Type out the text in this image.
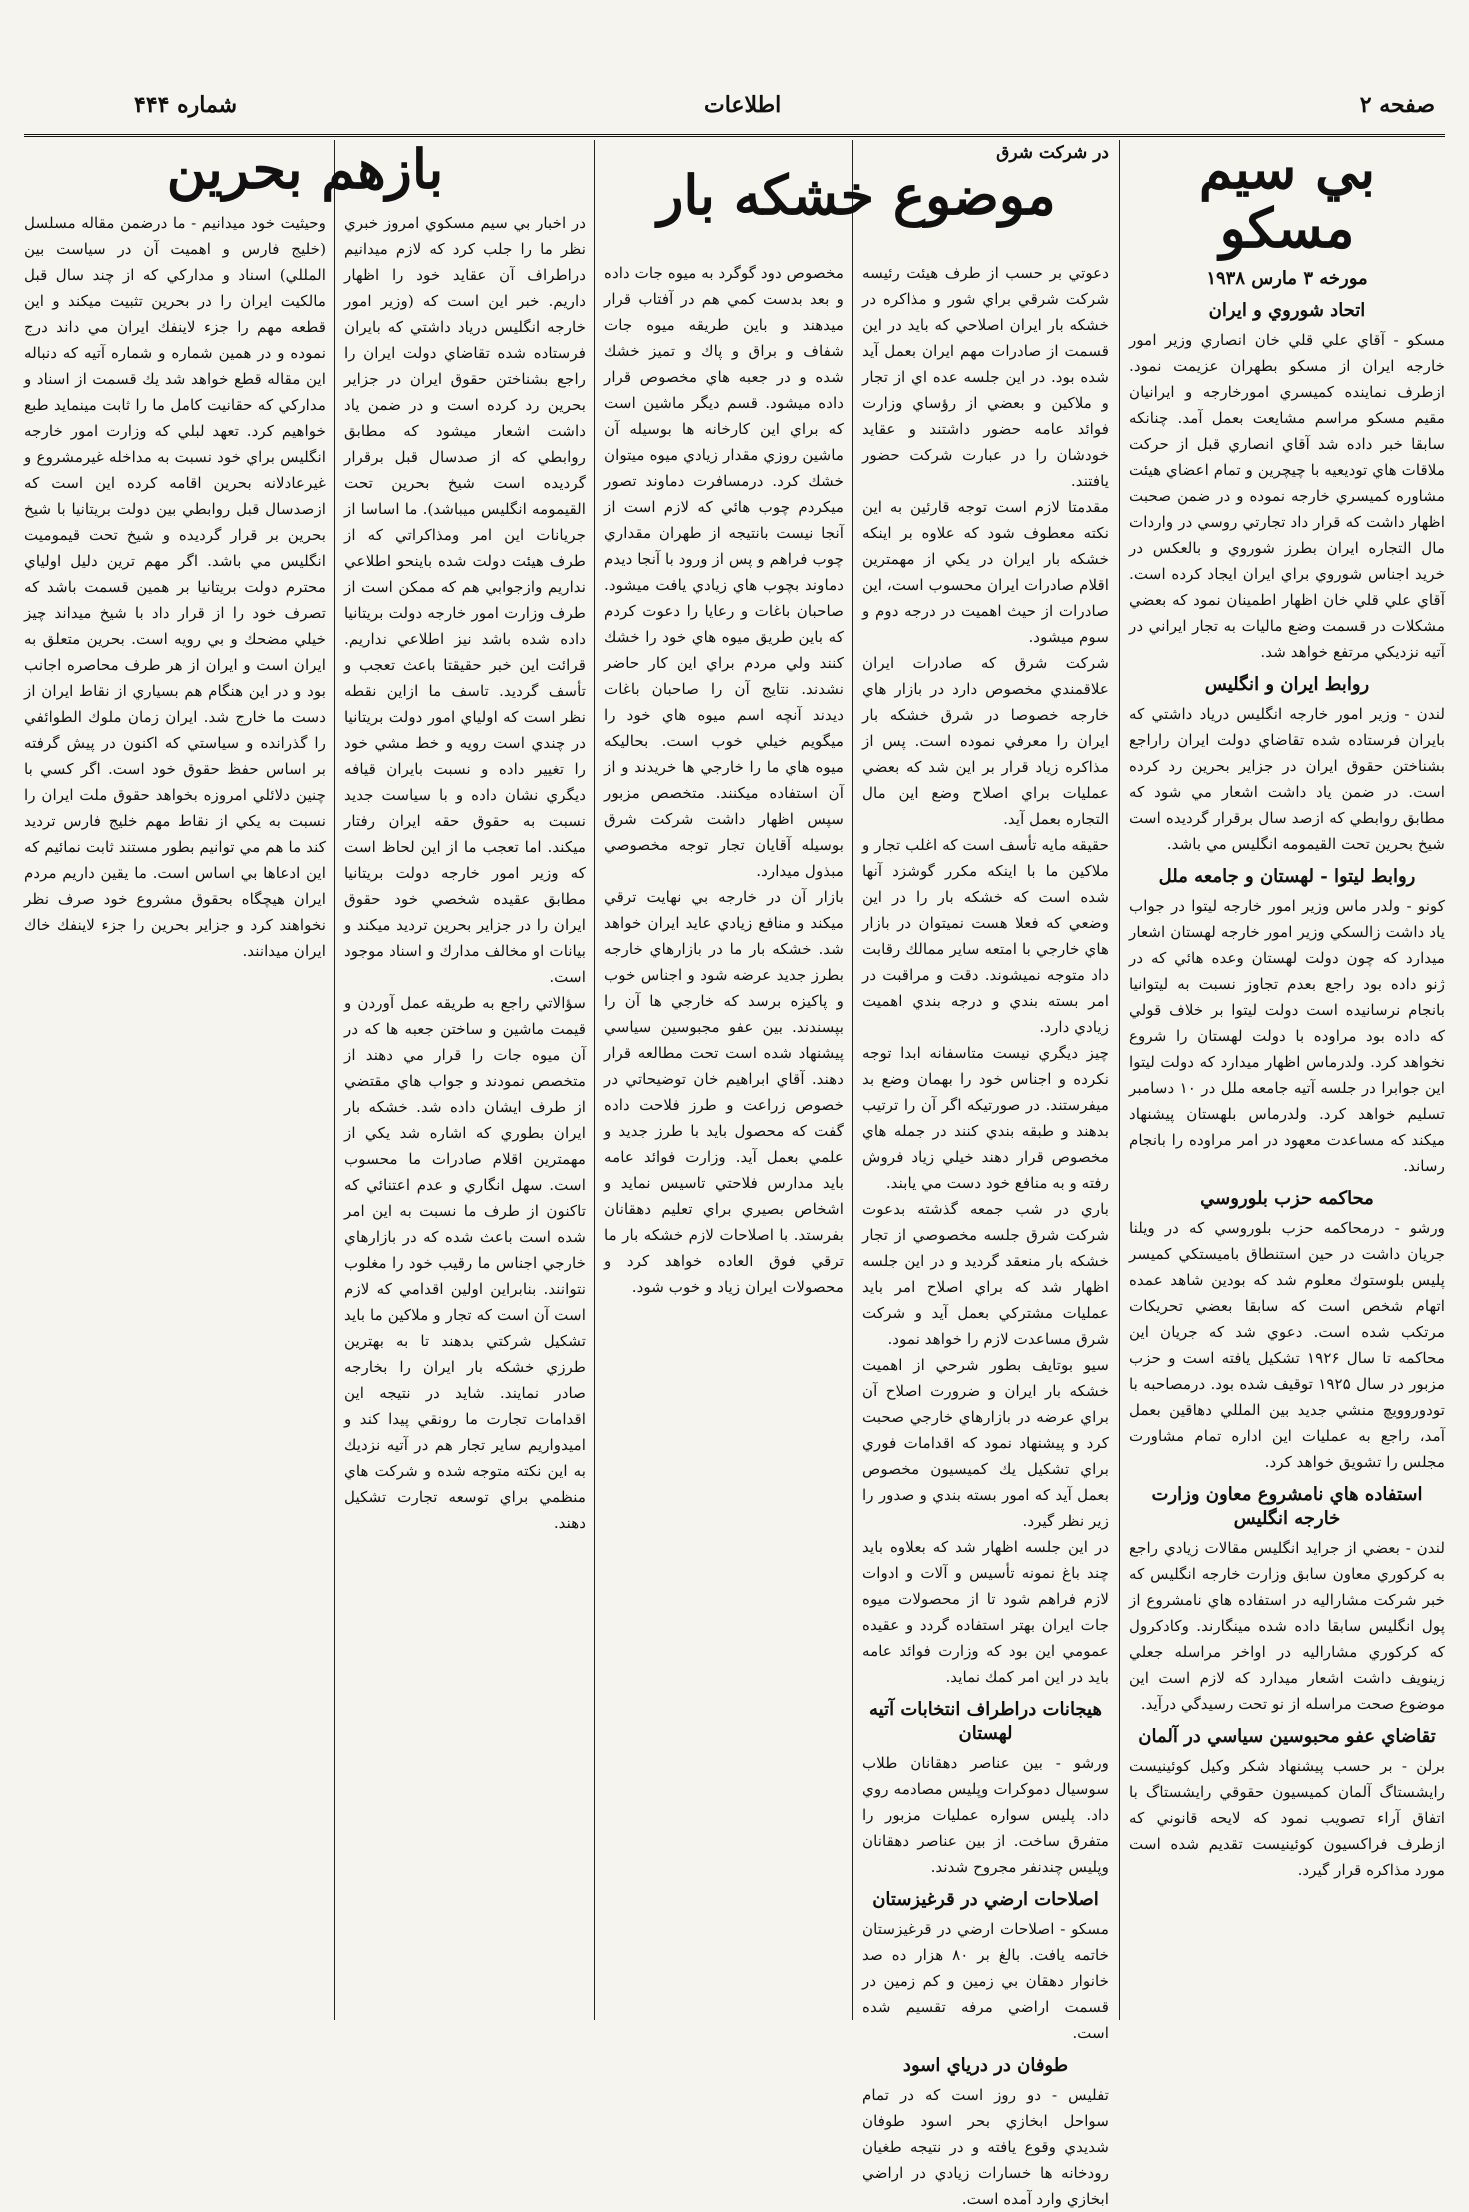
شماره ۴۴۴	اطلاعات	صفحه ۲
بي سيم مسكو
مورخه ۳ مارس ۱۹۳۸
اتحاد شوروي و ايران

مسكو - آقاي علي قلي خان انصاري وزير امور خارجه ايران از مسكو بطهران عزيمت نمود. ازطرف نماينده كميسري امورخارجه و ايرانيان مقيم مسكو مراسم مشايعت بعمل آمد. چنانكه سابقا خبر داده شد آقاي انصاري قبل از حركت ملاقات هاي توديعيه با چيچرين و تمام اعضاي هيئت مشاوره كميسري خارجه نموده و در ضمن صحبت اظهار داشت كه قرار داد تجارتي روسي در واردات مال التجاره ايران بطرز شوروي و بالعكس در خريد اجناس شوروي براي ايران ايجاد كرده است. آقاي علي قلي خان اظهار اطمينان نمود كه بعضي مشكلات در قسمت وضع ماليات به تجار ايراني در آتيه نزديكي مرتفع خواهد شد.

روابط ايران و انگليس

لندن - وزير امور خارجه انگليس درياد داشتي كه بايران فرستاده شده تقاضاي دولت ايران راراجع بشناختن حقوق ايران در جزاير بحرين رد كرده است. در ضمن ياد داشت اشعار مي شود كه مطابق روابطي كه ازصد سال برقرار گرديده است شيخ بحرين تحت القيمومه انگليس مي باشد.

روابط ليتوا - لهستان و جامعه ملل

كونو - ولدر ماس وزير امور خارجه ليتوا در جواب ياد داشت زالسكي وزير امور خارجه لهستان اشعار ميدارد كه چون دولت لهستان وعده هائي كه در ژنو داده بود راجع بعدم تجاوز نسبت به ليتوانيا بانجام نرسانيده است دولت ليتوا بر خلاف قولي كه داده بود مراوده با دولت لهستان را شروع نخواهد كرد. ولدرماس اظهار ميدارد كه دولت ليتوا اين جوابرا در جلسه آتيه جامعه ملل در ۱۰ دسامبر تسليم خواهد كرد. ولدرماس بلهستان پيشنهاد ميكند كه مساعدت معهود در امر مراوده را بانجام رساند.

محاكمه حزب بلوروسي

ورشو - درمحاكمه حزب بلوروسي كه در ويلنا جريان داشت در حين استنطاق باميستكي كميسر پليس بلوستوك معلوم شد كه بودين شاهد عمده اتهام شخص است كه سابقا بعضي تحريكات مرتكب شده است. دعوي شد كه جريان اين محاكمه تا سال ۱۹۲۶ تشكيل يافته است و حزب مزبور در سال ۱۹۲۵ توقيف شده بود. درمصاحبه با تودوروويچ منشي جديد بين المللي دهاقين بعمل آمد، راجع به عمليات اين اداره تمام مشاورت مجلس را تشويق خواهد كرد.

استفاده هاي نامشروع معاون وزارت خارجه انگليس

لندن - بعضي از جرايد انگليس مقالات زيادي راجع به كركوري معاون سابق وزارت خارجه انگليس كه خبر شركت مشاراليه در استفاده هاي نامشروع از پول انگليس سابقا داده شده مينگارند. وكادكرول كه كركوري مشاراليه در اواخر مراسله جعلي زينويف داشت اشعار ميدارد كه لازم است اين موضوع صحت مراسله از نو تحت رسيدگي درآيد.

تقاضاي عفو محبوسين سياسي در آلمان

برلن - بر حسب پيشنهاد شكر وكيل كوئينيست رايشستاگ آلمان كميسيون حقوقي رايشستاگ با اتفاق آراء تصويب نمود كه لايحه قانوني كه ازطرف فراكسيون كوئينيست تقديم شده است مورد مذاكره قرار گيرد.

در شركت شرق
موضوع خشكه بار

دعوتي بر حسب از طرف هيئت رئيسه شركت شرقي براي شور و مذاكره در خشكه بار ايران اصلاحي كه بايد در اين قسمت از صادرات مهم ايران بعمل آيد شده بود. در اين جلسه عده اي از تجار و ملاكين و بعضي از رؤساي وزارت فوائد عامه حضور داشتند و عقايد خودشان را در عبارت شركت حضور يافتند.

مقدمتا لازم است توجه قارئين به اين نكته معطوف شود كه علاوه بر اينكه خشكه بار ايران در يكي از مهمترين اقلام صادرات ايران محسوب است، اين صادرات از حيث اهميت در درجه دوم و سوم ميشود.

شركت شرق كه صادرات ايران علاقمندي مخصوص دارد در بازار هاي خارجه خصوصا در شرق خشكه بار ايران را معرفي نموده است. پس از مذاكره زياد قرار بر اين شد كه بعضي عمليات براي اصلاح وضع اين مال التجاره بعمل آيد.

حقيقه مايه تأسف است كه اغلب تجار و ملاكين ما با اينكه مكرر گوشزد آنها شده است كه خشكه بار را در اين وضعي كه فعلا هست نميتوان در بازار هاي خارجي با امتعه ساير ممالك رقابت داد متوجه نميشوند. دقت و مراقبت در امر بسته بندي و درجه بندي اهميت زيادي دارد.

چيز ديگري نيست متاسفانه ابدا توجه نكرده و اجناس خود را بهمان وضع بد ميفرستند. در صورتيكه اگر آن را ترتيب بدهند و طبقه بندي كنند در جمله هاي مخصوص قرار دهند خيلي زياد فروش رفته و به منافع خود دست مي يابند.

باري در شب جمعه گذشته بدعوت شركت شرق جلسه مخصوصي از تجار خشكه بار منعقد گرديد و در اين جلسه اظهار شد كه براي اصلاح امر بايد عمليات مشتركي بعمل آيد و شركت شرق مساعدت لازم را خواهد نمود.

سيو بوتايف بطور شرحي از اهميت خشكه بار ايران و ضرورت اصلاح آن براي عرضه در بازارهاي خارجي صحبت كرد و پيشنهاد نمود كه اقدامات فوري براي تشكيل يك كميسيون مخصوص بعمل آيد كه امور بسته بندي و صدور را زير نظر گيرد.

در اين جلسه اظهار شد كه بعلاوه بايد چند باغ نمونه تأسيس و آلات و ادوات لازم فراهم شود تا از محصولات ميوه جات ايران بهتر استفاده گردد و عقيده عمومي اين بود كه وزارت فوائد عامه بايد در اين امر كمك نمايد.

هيجانات دراطراف انتخابات آتيه لهستان

ورشو - بين عناصر دهقانان طلاب سوسيال دموكرات وپليس مصادمه روي داد. پليس سواره عمليات مزبور را متفرق ساخت. از بين عناصر دهقانان وپليس چندنفر مجروح شدند.

اصلاحات ارضي در قرغيزستان

مسكو - اصلاحات ارضي در قرغيزستان خاتمه يافت. بالغ بر ۸۰ هزار ده صد خانوار دهقان بي زمين و كم زمين در قسمت اراضي مرفه تقسيم شده است.

طوفان در درياي اسود

تفليس - دو روز است كه در تمام سواحل ابخازي بحر اسود طوفان شديدي وقوع يافته و در نتيجه طغيان رودخانه ها خسارات زيادي در اراضي ابخازي وارد آمده است.

مخصوص دود گوگرد به ميوه جات داده و بعد بدست كمي هم در آفتاب قرار ميدهند و باين طريقه ميوه جات شفاف و براق و پاك و تميز خشك شده و در جعبه هاي مخصوص قرار داده ميشود. قسم ديگر ماشين است كه براي اين كارخانه ها بوسيله آن ماشين روزي مقدار زيادي ميوه ميتوان خشك كرد. درمسافرت دماوند تصور ميكردم چوب هائي كه لازم است از آنجا نيست بانتيجه از طهران مقداري چوب فراهم و پس از ورود با آنجا ديدم دماوند بچوب هاي زيادي يافت ميشود. صاحبان باغات و رعايا را دعوت كردم كه باين طريق ميوه هاي خود را خشك كنند ولي مردم براي اين كار حاضر نشدند. نتايج آن را صاحبان باغات ديدند آنچه اسم ميوه هاي خود را ميگويم خيلي خوب است. بحاليكه ميوه هاي ما را خارجي ها خريدند و از آن استفاده ميكنند. متخصص مزبور سپس اظهار داشت شركت شرق بوسيله آقايان تجار توجه مخصوصي مبذول ميدارد.

بازار آن در خارجه بي نهايت ترقي ميكند و منافع زيادي عايد ايران خواهد شد. خشكه بار ما در بازارهاي خارجه بطرز جديد عرضه شود و اجناس خوب و پاكيزه برسد كه خارجي ها آن را بپسندند. بين عفو مجبوسين سياسي پيشنهاد شده است تحت مطالعه قرار دهند. آقاي ابراهيم خان توضيحاتي در خصوص زراعت و طرز فلاحت داده گفت كه محصول بايد با طرز جديد و علمي بعمل آيد. وزارت فوائد عامه بايد مدارس فلاحتي تاسيس نمايد و اشخاص بصيري براي تعليم دهقانان بفرستد. با اصلاحات لازم خشكه بار ما ترقي فوق العاده خواهد كرد و محصولات ايران زياد و خوب شود.

در اخبار بي سيم مسكوي امروز خبري نظر ما را جلب كرد كه لازم ميدانيم دراطراف آن عقايد خود را اظهار داريم. خبر اين است كه (وزير امور خارجه انگليس درياد داشتي كه بايران فرستاده شده تقاضاي دولت ايران را راجع بشناختن حقوق ايران در جزاير بحرين رد كرده است و در ضمن ياد داشت اشعار ميشود كه مطابق روابطي كه از صدسال قبل برقرار گرديده است شيخ بحرين تحت القيمومه انگليس ميباشد). ما اساسا از جريانات اين امر ومذاكراتي كه از طرف هيئت دولت شده باينحو اطلاعي نداريم وازجوابي هم كه ممكن است از طرف وزارت امور خارجه دولت بريتانيا داده شده باشد نيز اطلاعي نداريم. قرائت اين خبر حقيقتا باعث تعجب و تأسف گرديد. تاسف ما ازاين نقطه نظر است كه اولياي امور دولت بريتانيا در چندي است رويه و خط مشي خود را تغيير داده و نسبت بايران قيافه ديگري نشان داده و با سياست جديد نسبت به حقوق حقه ايران رفتار ميكند. اما تعجب ما از اين لحاظ است كه وزير امور خارجه دولت بريتانيا مطابق عقيده شخصي خود حقوق ايران را در جزاير بحرين ترديد ميكند و بيانات او مخالف مدارك و اسناد موجود است.

سؤالاتي راجع به طريقه عمل آوردن و قيمت ماشين و ساختن جعبه ها كه در آن ميوه جات را قرار مي دهند از متخصص نمودند و جواب هاي مقتضي از طرف ايشان داده شد. خشكه بار ايران بطوري كه اشاره شد يكي از مهمترين اقلام صادرات ما محسوب است. سهل انگاري و عدم اعتنائي كه تاكنون از طرف ما نسبت به اين امر شده است باعث شده كه در بازارهاي خارجي اجناس ما رقيب خود را مغلوب نتوانند. بنابراين اولين اقدامي كه لازم است آن است كه تجار و ملاكين ما بايد تشكيل شركتي بدهند تا به بهترين طرزي خشكه بار ايران را بخارجه صادر نمايند. شايد در نتيجه اين اقدامات تجارت ما رونقي پيدا كند و اميدواريم ساير تجار هم در آتيه نزديك به اين نكته متوجه شده و شركت هاي منظمي براي توسعه تجارت تشكيل دهند.

بازهم بحرين

وحيثيت خود ميدانيم - ما درضمن مقاله مسلسل (خليج فارس و اهميت آن در سياست بين المللي) اسناد و مداركي كه از چند سال قبل مالكيت ايران را در بحرين تثبيت ميكند و اين قطعه مهم را جزء لاينفك ايران مي داند درج نموده و در همين شماره و شماره آتيه كه دنباله اين مقاله قطع خواهد شد يك قسمت از اسناد و مداركي كه حقانيت كامل ما را ثابت مينمايد طبع خواهيم كرد. تعهد لبلي كه وزارت امور خارجه انگليس براي خود نسبت به مداخله غيرمشروع و غيرعادلانه بحرين اقامه كرده اين است كه ازصدسال قبل روابطي بين دولت بريتانيا با شيخ بحرين بر قرار گرديده و شيخ تحت قيموميت انگليس مي باشد. اگر مهم ترين دليل اولياي محترم دولت بريتانيا بر همين قسمت باشد كه تصرف خود را از قرار داد با شيخ ميداند چيز خيلي مضحك و بي رويه است. بحرين متعلق به ايران است و ايران از هر طرف محاصره اجانب بود و در اين هنگام هم بسياري از نقاط ايران از دست ما خارج شد. ايران زمان ملوك الطوائفي را گذرانده و سياستي كه اكنون در پيش گرفته بر اساس حفظ حقوق خود است. اگر كسي با چنين دلائلي امروزه بخواهد حقوق ملت ايران را نسبت به يكي از نقاط مهم خليج فارس ترديد كند ما هم مي توانيم بطور مستند ثابت نمائيم كه اين ادعاها بي اساس است. ما يقين داريم مردم ايران هيچگاه بحقوق مشروع خود صرف نظر نخواهند كرد و جزاير بحرين را جزء لاينفك خاك ايران ميدانند.
